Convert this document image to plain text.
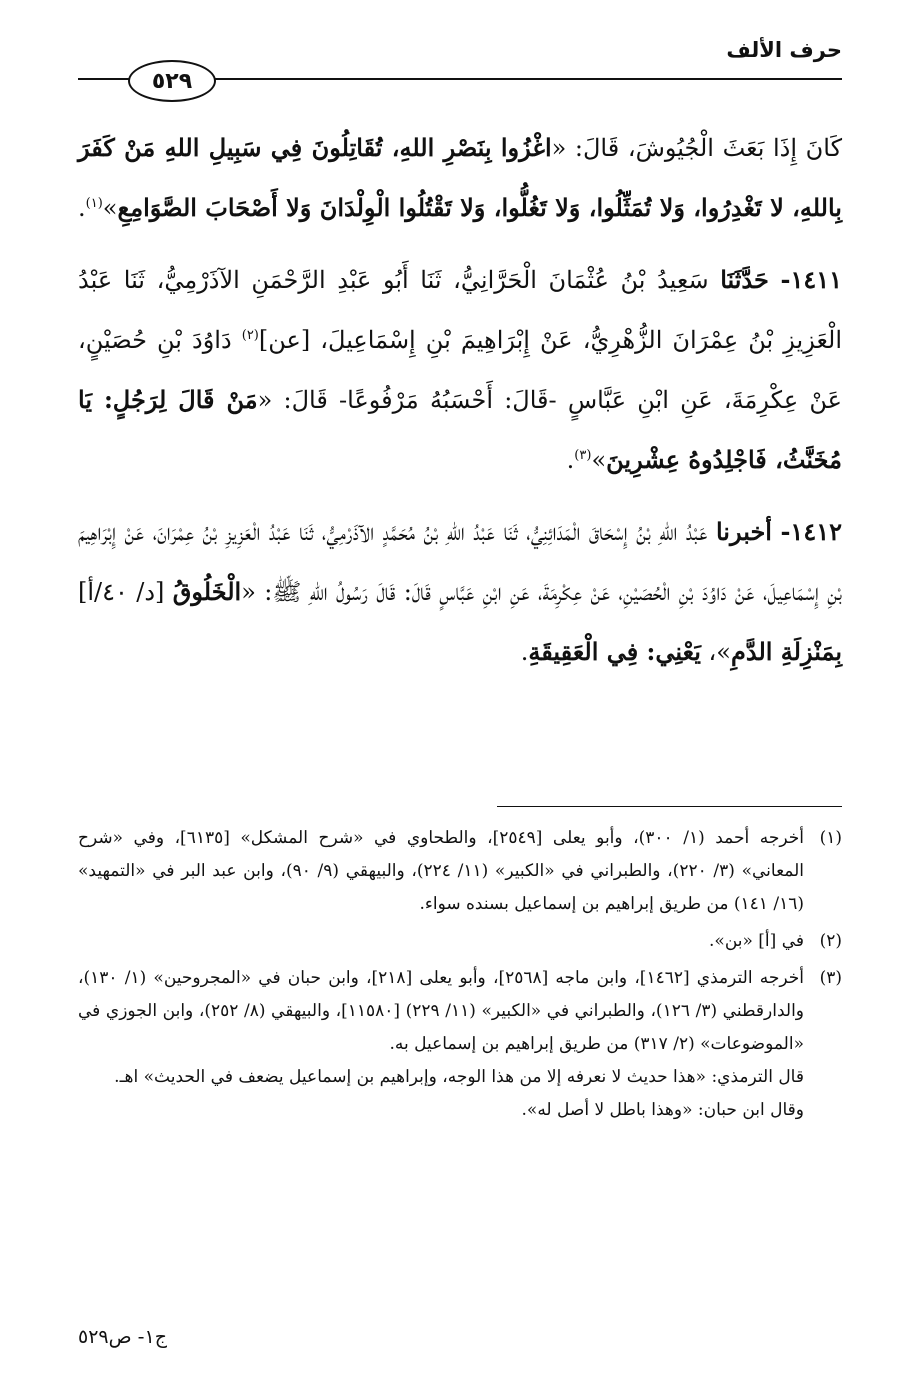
حرف الألف
٥٢٩

كَانَ إِذَا بَعَثَ الْجُيُوشَ، قَالَ: «اغْزُوا بِنَصْرِ اللهِ، تُقَاتِلُونَ فِي سَبِيلِ اللهِ مَنْ كَفَرَ بِاللهِ، لا تَغْدِرُوا، وَلا تُمَثِّلُوا، وَلا تَغُلُّوا، وَلا تَقْتُلُوا الْوِلْدَانَ وَلا أَصْحَابَ الصَّوَامِعِ»$^{(١)}$.

١٤١١- حَدَّثَنَا سَعِيدُ بْنُ عُثْمَانَ الْحَرَّانِيُّ، ثَنَا أَبُو عَبْدِ الرَّحْمَنِ الآذَرْمِيُّ، ثَنَا عَبْدُ الْعَزِيزِ بْنُ عِمْرَانَ الزُّهْرِيُّ، عَنْ إِبْرَاهِيمَ بْنِ إِسْمَاعِيلَ، [عن]$^{(٢)}$ دَاوُدَ بْنِ حُصَيْنٍ، عَنْ عِكْرِمَةَ، عَنِ ابْنِ عَبَّاسٍ -قَالَ: أَحْسَبُهُ مَرْفُوعًا- قَالَ: «مَنْ قَالَ لِرَجُلٍ: يَا مُخَنَّثُ، فَاجْلِدُوهُ عِشْرِينَ»$^{(٣)}$.

١٤١٢- أخبرنا عَبْدُ اللهِ بْنُ إِسْحَاقَ الْمَدَائِنِيُّ، ثَنَا عَبْدُ اللهِ بْنُ مُحَمَّدٍ الآذَرْمِيُّ، ثَنَا عَبْدُ الْعَزِيزِ بْنُ عِمْرَانَ، عَنْ إِبْرَاهِيمَ بْنِ إِسْمَاعِيلَ، عَنْ دَاوُدَ بْنِ الْحُصَيْنِ، عَنْ عِكْرِمَةَ، عَنِ ابْنِ عَبَّاسٍ قَالَ: قَالَ رَسُولُ اللهِ ﷺ: «الْخَلُوقُ [د/ ٤٠/أ] بِمَنْزِلَةِ الدَّمِ»، يَعْنِي: فِي الْعَقِيقَةِ.

(١)

أخرجه أحمد (١/ ٣٠٠)، وأبو يعلى [٢٥٤٩]، والطحاوي في «شرح المشكل» [٦١٣٥]، وفي «شرح المعاني» (٣/ ٢٢٠)، والطبراني في «الكبير» (١١/ ٢٢٤)، والبيهقي (٩/ ٩٠)، وابن عبد البر في «التمهيد» (١٦/ ١٤١) من طريق إبراهيم بن إسماعيل بسنده سواء.

(٢)

في [أ] «بن».

(٣)

أخرجه الترمذي [١٤٦٢]، وابن ماجه [٢٥٦٨]، وأبو يعلى [٢١٨]، وابن حبان في «المجروحين» (١/ ١٣٠)، والدارقطني (٣/ ١٢٦)، والطبراني في «الكبير» (١١/ ٢٢٩) [١١٥٨٠]، والبيهقي (٨/ ٢٥٢)، وابن الجوزي في «الموضوعات» (٢/ ٣١٧) من طريق إبراهيم بن إسماعيل به.

قال الترمذي: «هذا حديث لا نعرفه إلا من هذا الوجه، وإبراهيم بن إسماعيل يضعف في الحديث» اهـ.

وقال ابن حبان: «وهذا باطل لا أصل له».

ج١- ص٥٢٩
